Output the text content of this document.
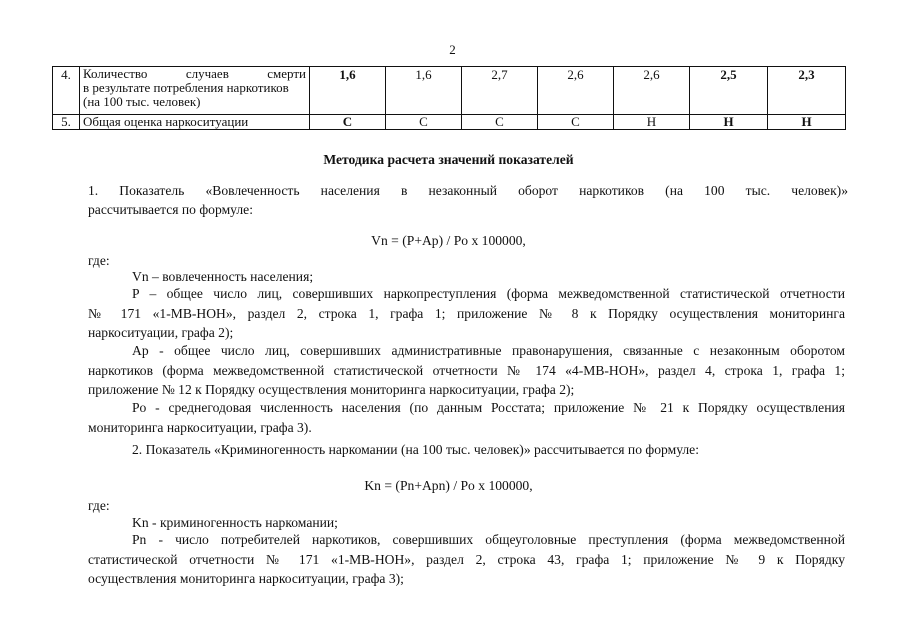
2
4.	Количество случаев смерти
в результате потребления наркотиков
(на 100 тыс. человек)	1,6	1,6	2,7	2,6	2,6	2,5	2,3
5.	Общая оценка наркоситуации	С	С	С	С	Н	Н	Н
Методика расчета значений показателей
1. Показатель «Вовлеченность населения в незаконный оборот наркотиков (на 100 тыс. человек)»
рассчитывается по формуле:
Vn = (P+Ap) / Po x 100000,
где:
Vn – вовлеченность населения;
P – общее число лиц, совершивших наркопреступления (форма межведомственной статистической отчетности
№ 171 «1-МВ-НОН», раздел 2, строка 1, графа 1; приложение № 8 к Порядку осуществления мониторинга
наркоситуации, графа 2);
Ap - общее число лиц, совершивших административные правонарушения, связанные с незаконным оборотом
наркотиков (форма межведомственной статистической отчетности № 174 «4-МВ-НОН», раздел 4, строка 1, графа 1;
приложение № 12 к Порядку осуществления мониторинга наркоситуации, графа 2);
Po - среднегодовая численность населения (по данным Росстата; приложение № 21 к Порядку осуществления
мониторинга наркоситуации, графа 3).
2. Показатель «Криминогенность наркомании (на 100 тыс. человек)» рассчитывается по формуле:
Kn = (Pn+Apn) / Po x 100000,
где:
Kn - криминогенность наркомании;
Pn - число потребителей наркотиков, совершивших общеуголовные преступления (форма межведомственной
статистической отчетности № 171 «1-МВ-НОН», раздел 2, строка 43, графа 1; приложение № 9 к Порядку
осуществления мониторинга наркоситуации, графа 3);
